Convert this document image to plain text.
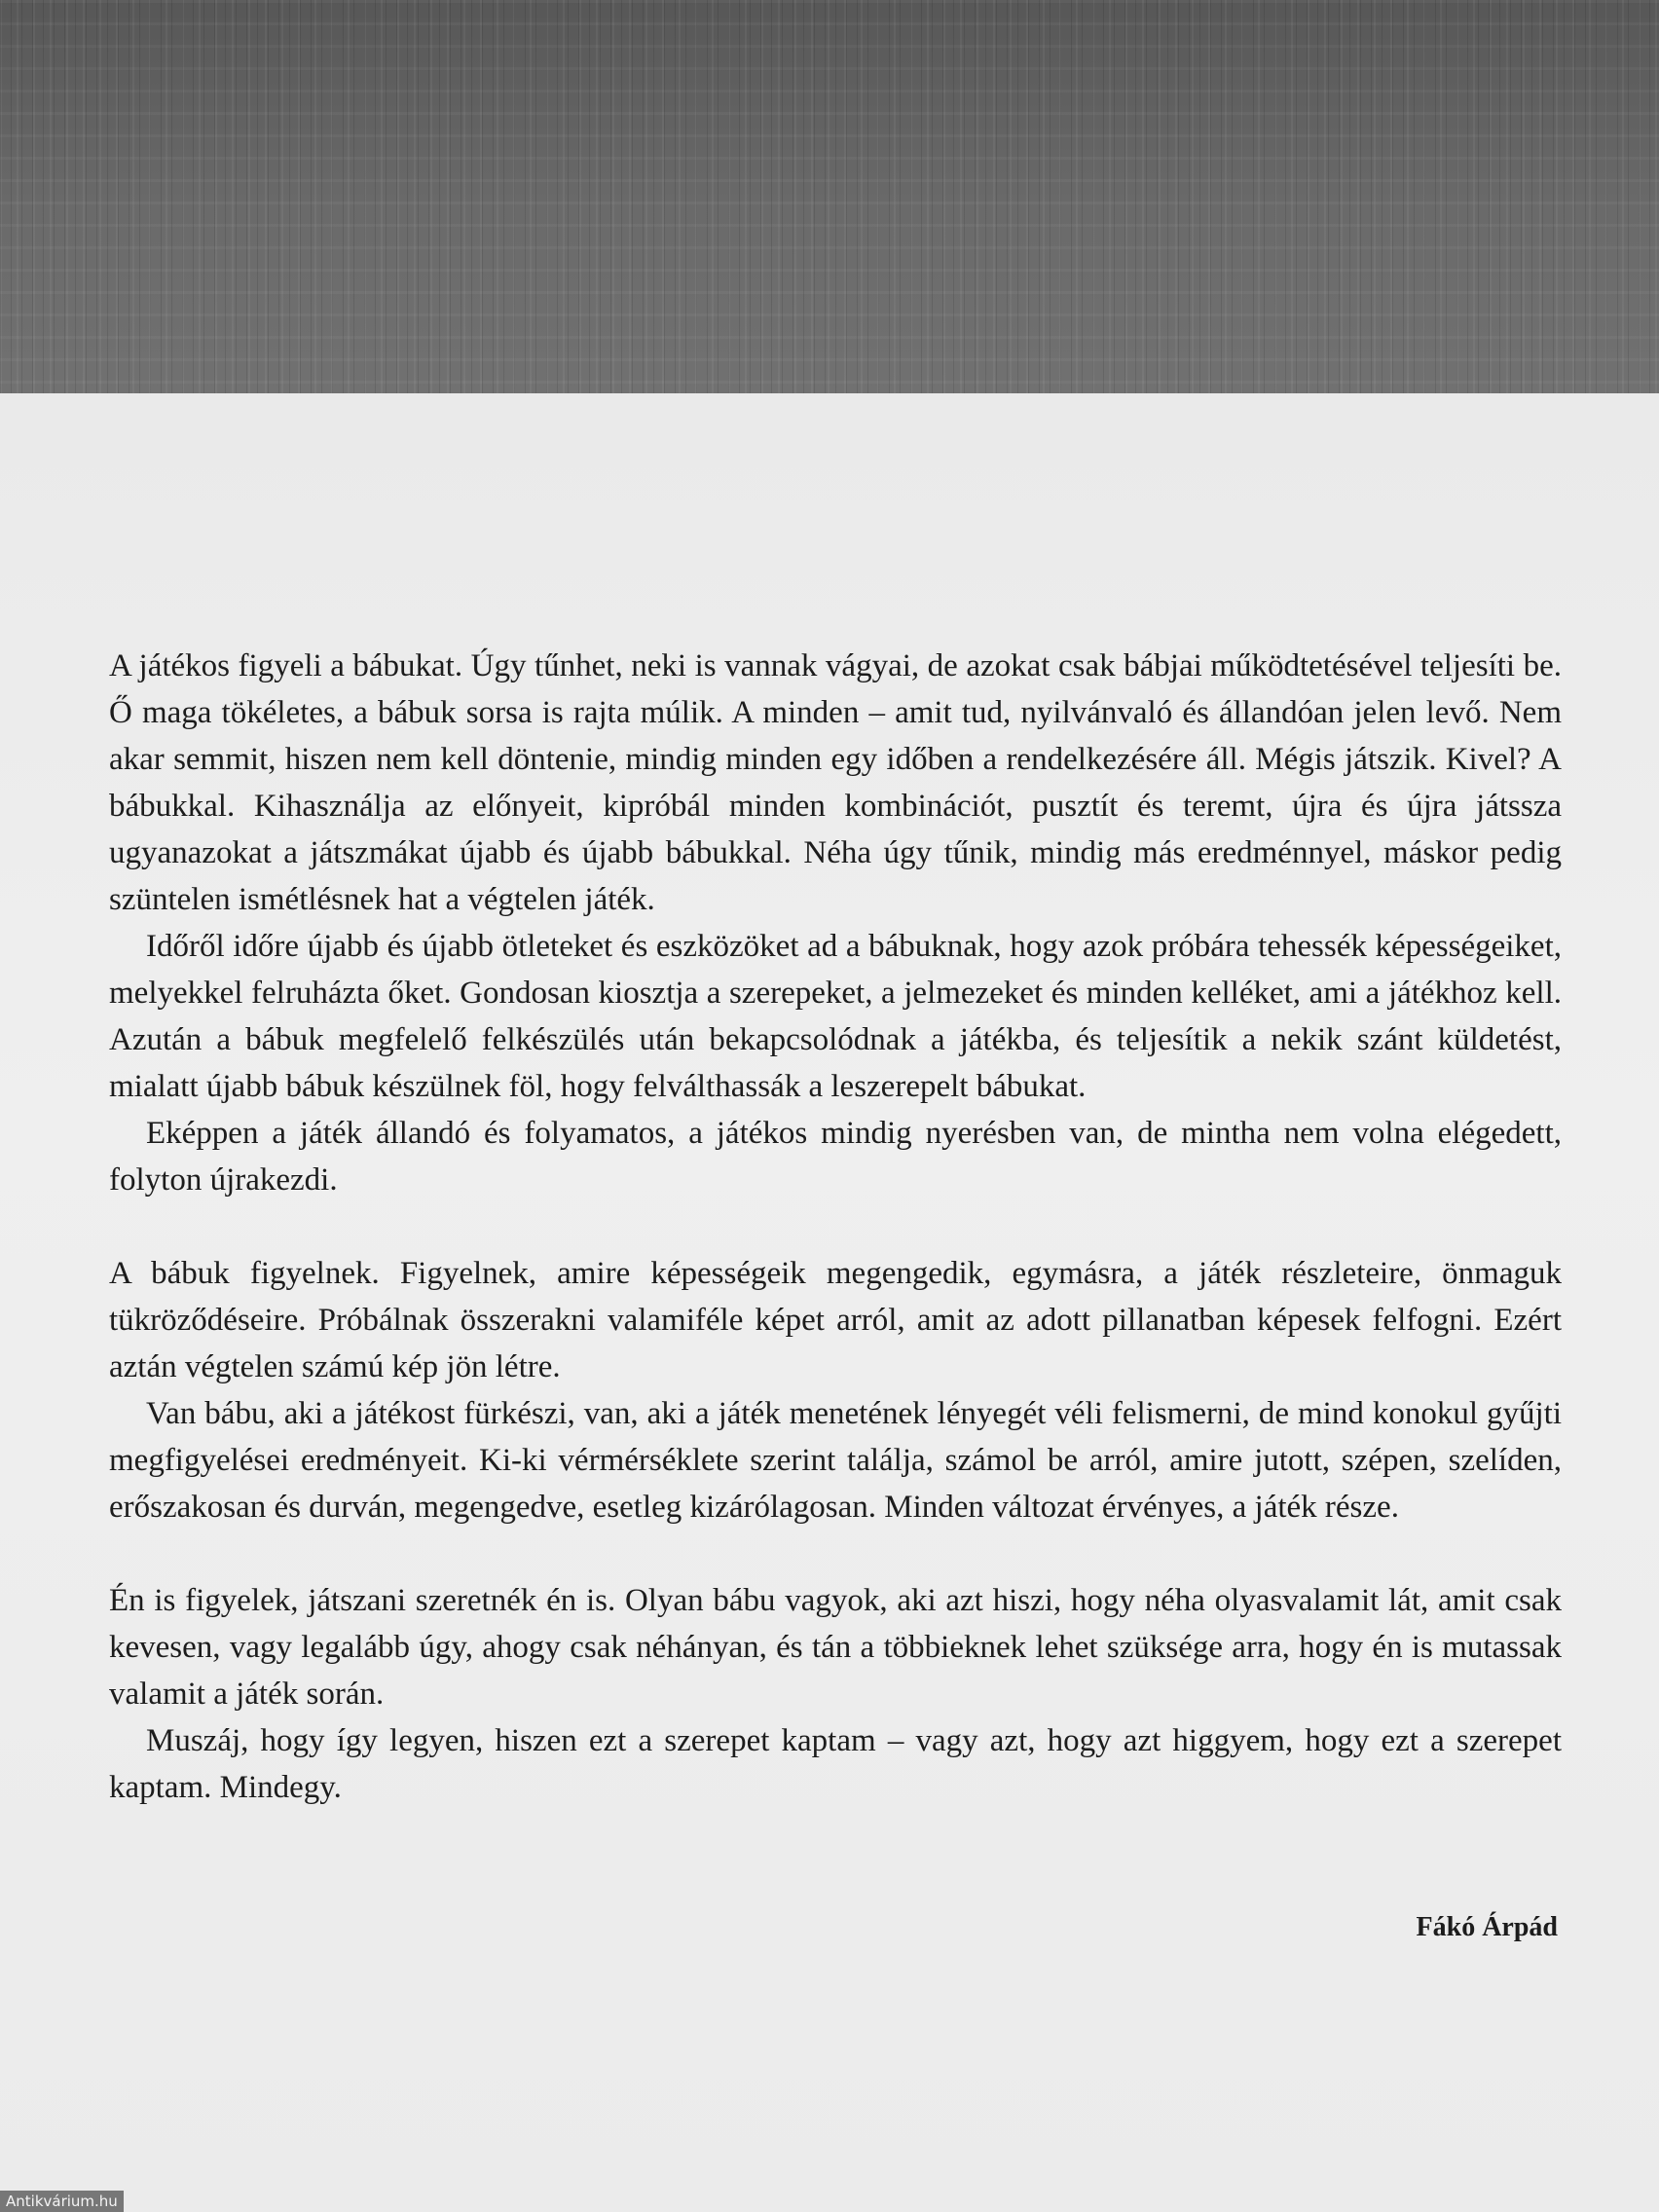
A játékos figyeli a bábukat. Úgy tűnhet, neki is vannak vágyai, de azokat csak bábjai működtetésével teljesíti be. Ő maga tökéletes, a bábuk sorsa is rajta múlik. A minden – amit tud, nyilvánvaló és állandóan jelen levő. Nem akar semmit, hiszen nem kell döntenie, mindig minden egy időben a rendelkezésére áll. Mégis játszik. Kivel? A bábukkal. Kihasználja az előnyeit, kipróbál minden kombinációt, pusztít és teremt, újra és újra játssza ugyanazokat a játszmákat újabb és újabb bábukkal. Néha úgy tűnik, mindig más eredménnyel, máskor pedig szüntelen ismétlésnek hat a végtelen játék.

Időről időre újabb és újabb ötleteket és eszközöket ad a bábuknak, hogy azok próbára tehessék képességeiket, melyekkel felruházta őket. Gondosan kiosztja a szerepeket, a jelmezeket és minden kelléket, ami a játékhoz kell. Azután a bábuk megfelelő felkészülés után bekapcsolódnak a játékba, és teljesítik a nekik szánt küldetést, mialatt újabb bábuk készülnek föl, hogy felválthassák a leszerepelt bábukat.

Eképpen a játék állandó és folyamatos, a játékos mindig nyerésben van, de mintha nem volna elégedett, folyton újrakezdi.

A bábuk figyelnek. Figyelnek, amire képességeik megengedik, egymásra, a játék részleteire, önmaguk tükröződéseire. Próbálnak összerakni valamiféle képet arról, amit az adott pillanatban képesek felfogni. Ezért aztán végtelen számú kép jön létre.

Van bábu, aki a játékost fürkészi, van, aki a játék menetének lényegét véli felismerni, de mind konokul gyűjti megfigyelései eredményeit. Ki-ki vérmérséklete szerint találja, számol be arról, amire jutott, szépen, szelíden, erőszakosan és durván, megengedve, esetleg kizárólagosan. Minden változat érvényes, a játék része.

Én is figyelek, játszani szeretnék én is. Olyan bábu vagyok, aki azt hiszi, hogy néha olyasvalamit lát, amit csak kevesen, vagy legalább úgy, ahogy csak néhányan, és tán a többieknek lehet szüksége arra, hogy én is mutassak valamit a játék során.

Muszáj, hogy így legyen, hiszen ezt a szerepet kaptam – vagy azt, hogy azt higgyem, hogy ezt a szerepet kaptam. Mindegy.

Fákó Árpád
Antikvárium.hu
